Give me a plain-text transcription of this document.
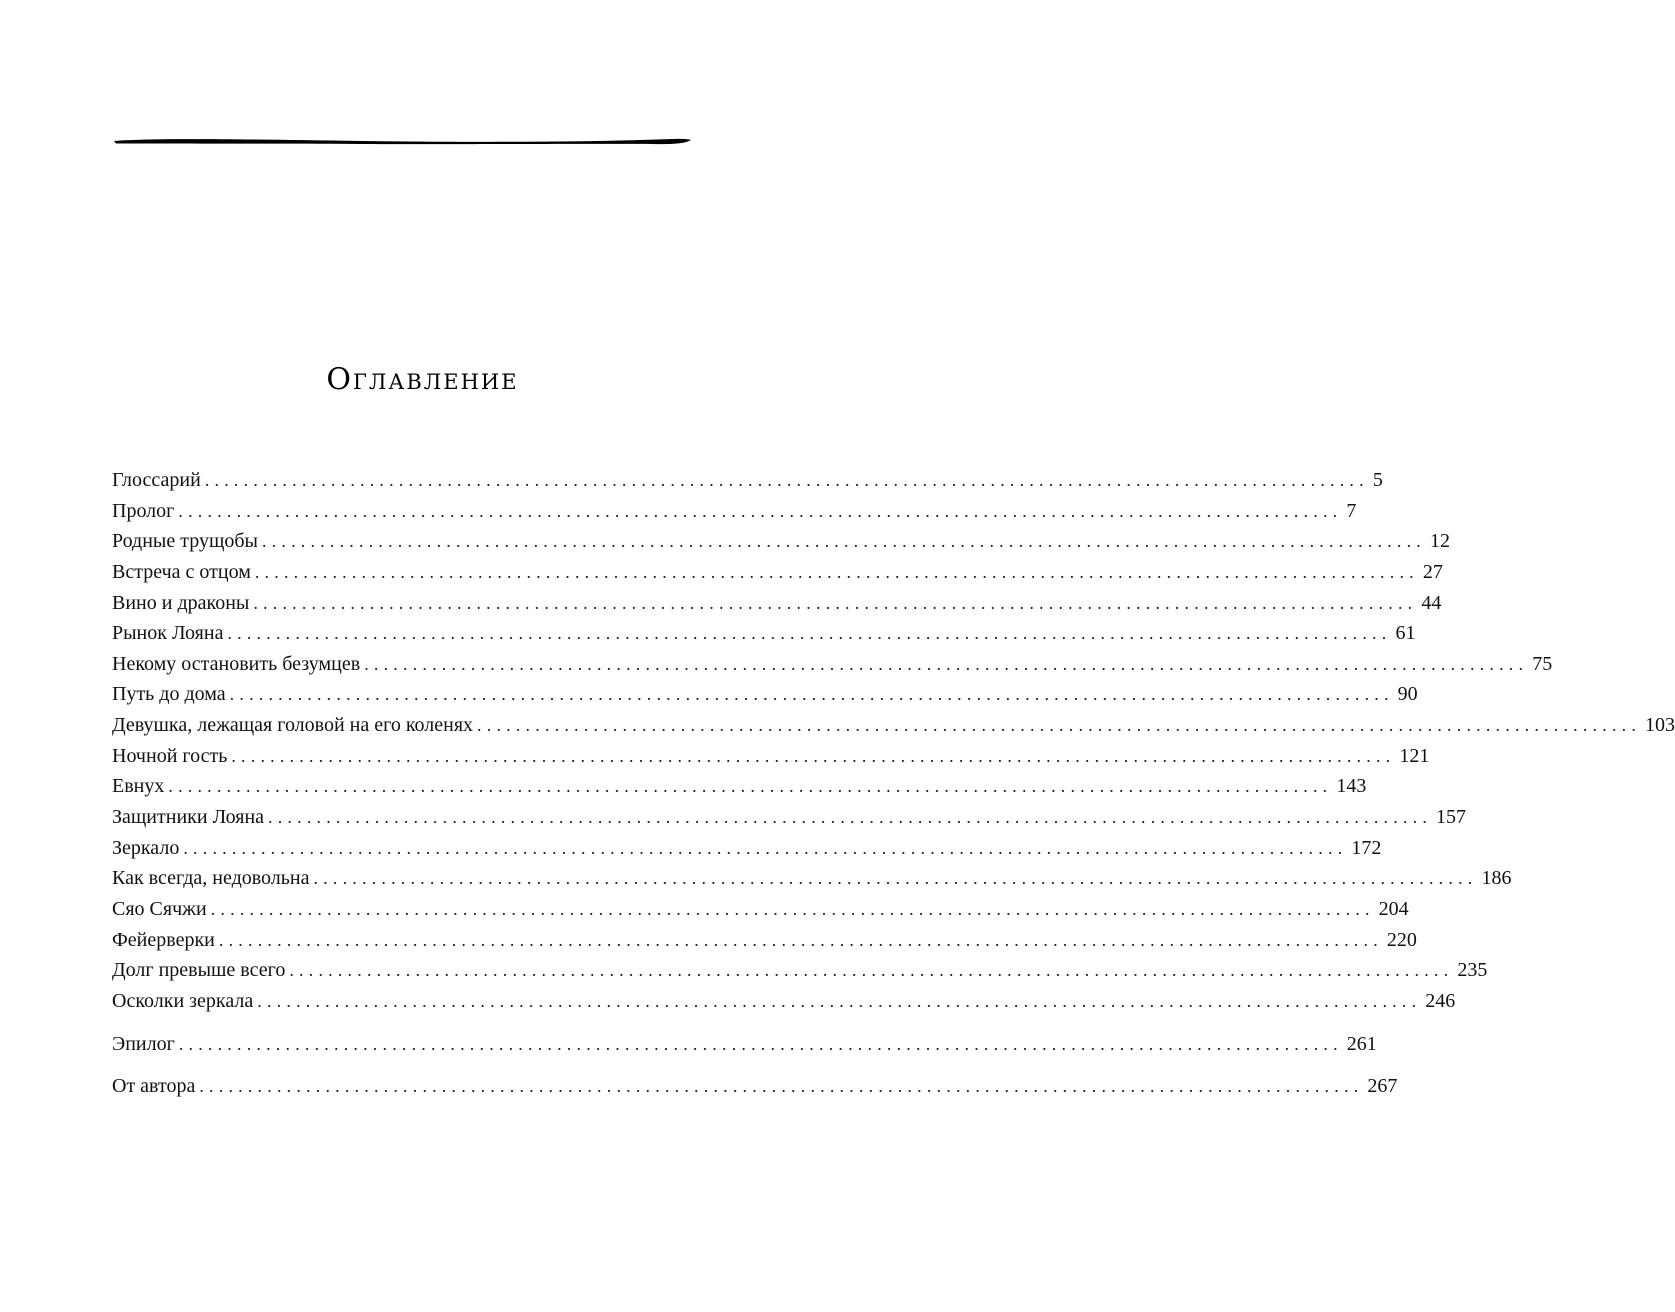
Оглавление
Глоссарий ........................................................................................................................ 5
Пролог ........................................................................................................................ 7
Родные трущобы ........................................................................................................................ 12
Встреча с отцом ........................................................................................................................ 27
Вино и драконы ........................................................................................................................ 44
Рынок Лояна ........................................................................................................................ 61
Некому остановить безумцев ........................................................................................................................ 75
Путь до дома ........................................................................................................................ 90
Девушка, лежащая головой на его коленях ........................................................................................................................ 103
Ночной гость ........................................................................................................................ 121
Евнух ........................................................................................................................ 143
Защитники Лояна ........................................................................................................................ 157
Зеркало ........................................................................................................................ 172
Как всегда, недовольна ........................................................................................................................ 186
Сяо Сячжи ........................................................................................................................ 204
Фейерверки ........................................................................................................................ 220
Долг превыше всего ........................................................................................................................ 235
Осколки зеркала ........................................................................................................................ 246
Эпилог ........................................................................................................................ 261
От автора ........................................................................................................................ 267
